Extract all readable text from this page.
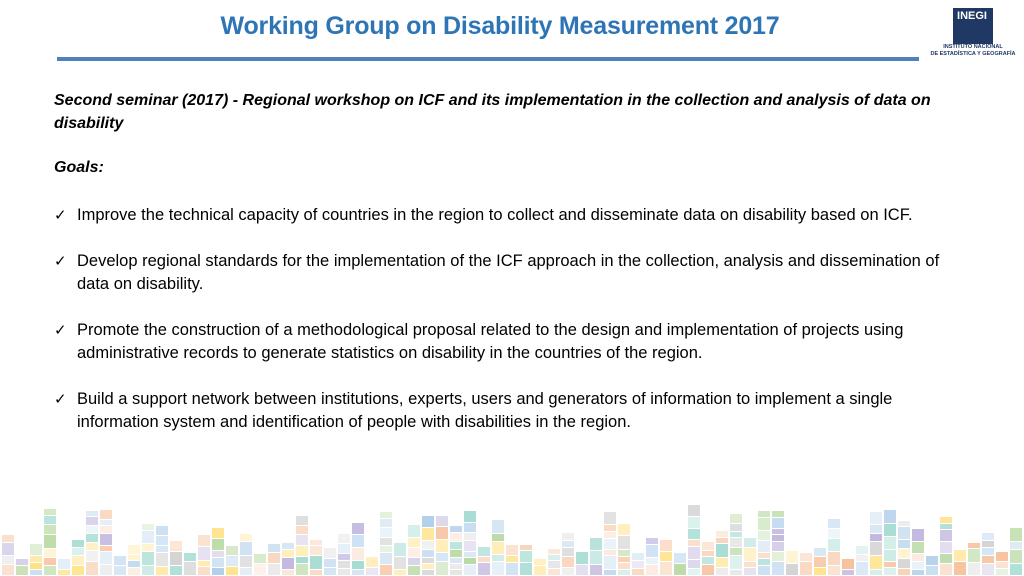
Working Group on Disability Measurement 2017	INEGI
INSTITUTO NACIONAL
DE ESTADÍSTICA Y GEOGRAFÍA
Second seminar (2017) - Regional workshop on ICF and its implementation in the collection and analysis of data on disability
Goals:
✓ Improve the technical capacity of countries in the region to collect and disseminate data on disability based on ICF.
✓ Develop regional standards for the implementation of the ICF approach in the collection, analysis and dissemination of data on disability.
✓ Promote the construction of a methodological proposal related to the design and implementation of projects using administrative records to generate statistics on disability in the countries of the region.
✓ Build a support network between institutions, experts, users and generators of information to implement a single information system and identification of people with disabilities in the region.
